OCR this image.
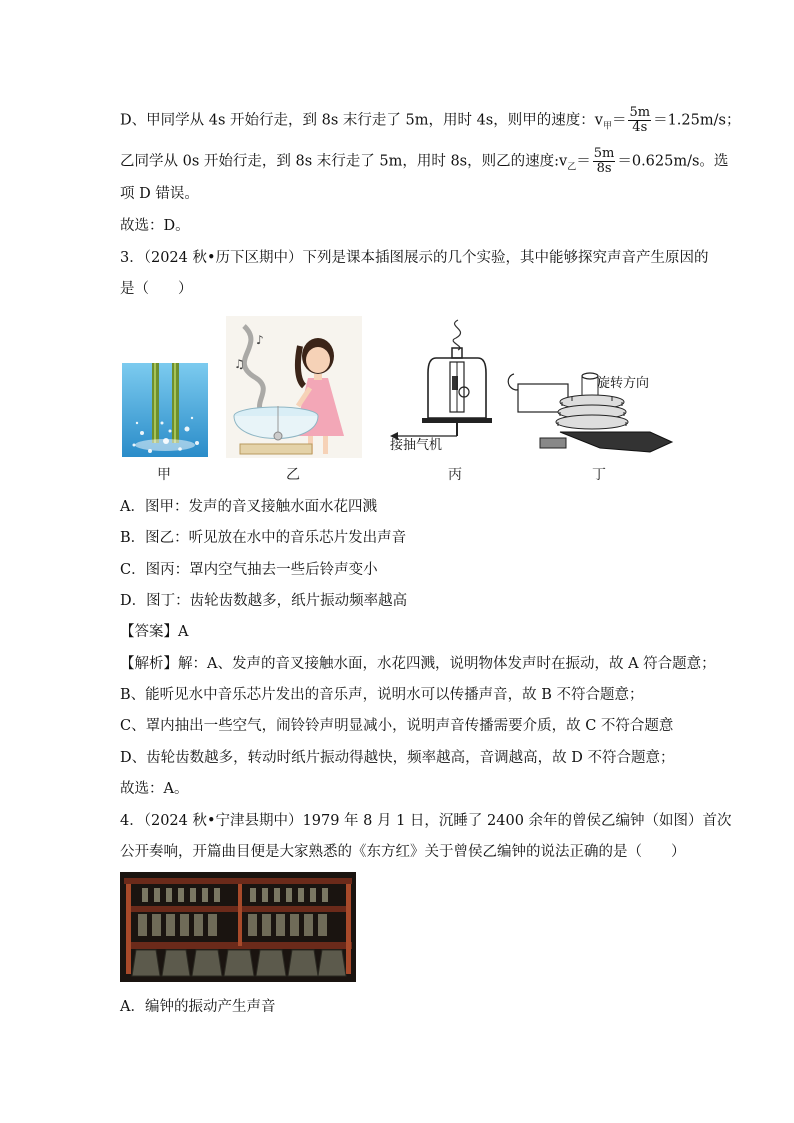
D、甲同学从 4s 开始行走，到 8s 末行走了 5m，用时 4s，则甲的速度：$v_甲= \frac{5m}{4s} =1.25m/s$；
乙同学从 0s 开始行走，到 8s 末行走了 5m，用时 8s，则乙的速度$:v_乙= \frac{5m}{8s} =0.625m/s$。选
项 D 错误。
故选：D。
3．（2024 秋•历下区期中）下列是课本插图展示的几个实验，其中能够探究声音产生原因的
是（　　）
甲
♪
♫
乙
接抽气机
丙
旋转方向
丁
A．图甲：发声的音叉接触水面水花四溅
B．图乙：听见放在水中的音乐芯片发出声音
C．图丙：罩内空气抽去一些后铃声变小
D．图丁：齿轮齿数越多，纸片振动频率越高
【答案】A
【解析】解：A、发声的音叉接触水面，水花四溅，说明物体发声时在振动，故 A 符合题意；
B、能听见水中音乐芯片发出的音乐声，说明水可以传播声音，故 B 不符合题意；
C、罩内抽出一些空气，闹铃铃声明显减小，说明声音传播需要介质，故 C 不符合题意
D、齿轮齿数越多，转动时纸片振动得越快，频率越高，音调越高，故 D 不符合题意；
故选：A。
4．（2024 秋•宁津县期中）1979 年 8 月 1 日，沉睡了 2400 余年的曾侯乙编钟（如图）首次
公开奏响，开篇曲目便是大家熟悉的《东方红》关于曾侯乙编钟的说法正确的是（　　）
A．编钟的振动产生声音
